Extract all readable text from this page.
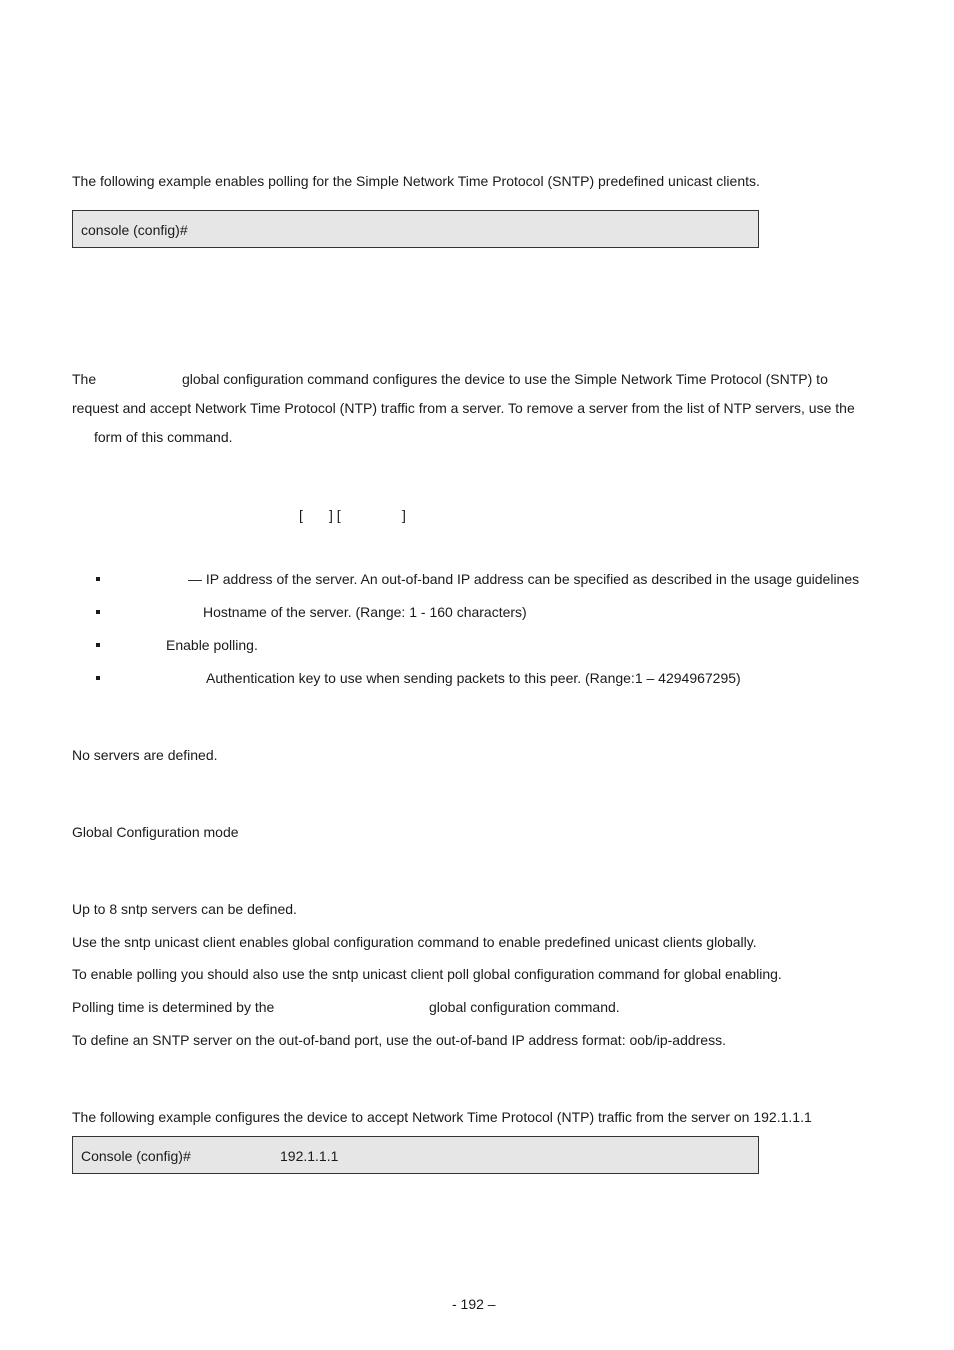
The following example enables polling for the Simple Network Time Protocol (SNTP) predefined unicast clients.
console (config)#
The	global configuration command configures the device to use the Simple Network Time Protocol (SNTP) to
request and accept Network Time Protocol (NTP) traffic from a server. To remove a server from the list of NTP servers, use the
form of this command.
[ ] [	]
— IP address of the server. An out-of-band IP address can be specified as described in the usage guidelines
Hostname of the server. (Range: 1 - 160 characters)
Enable polling.
Authentication key to use when sending packets to this peer. (Range:1 – 4294967295)
No servers are defined.
Global Configuration mode
Up to 8 sntp servers can be defined.
Use the sntp unicast client enables global configuration command to enable predefined unicast clients globally.
To enable polling you should also use the sntp unicast client poll global configuration command for global enabling.
Polling time is determined by the	global configuration command.
To define an SNTP server on the out-of-band port, use the out-of-band IP address format: oob/ip-address.
The following example configures the device to accept Network Time Protocol (NTP) traffic from the server on 192.1.1.1
Console (config)#	192.1.1.1
- 192 –
